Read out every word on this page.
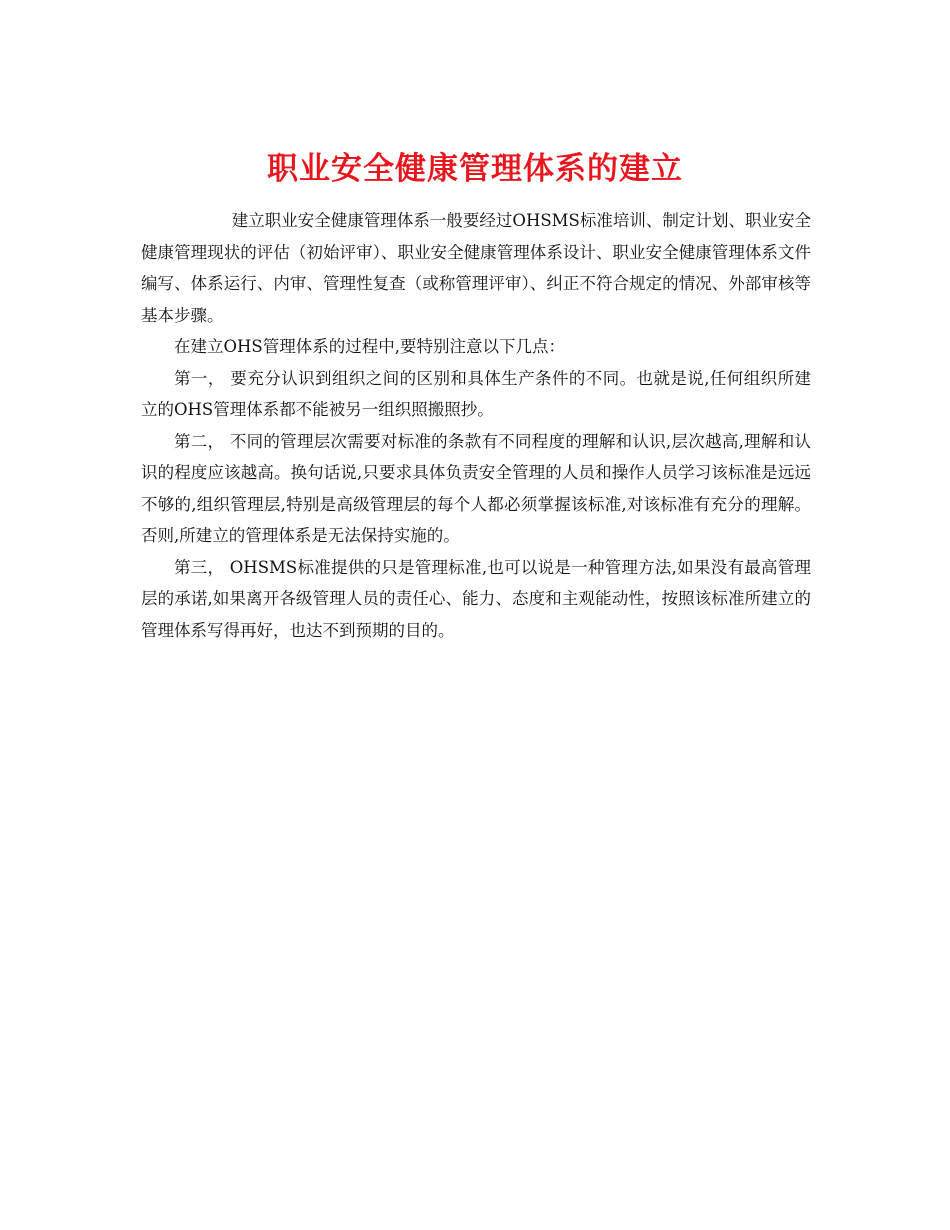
职业安全健康管理体系的建立

建立职业安全健康管理体系一般要经过OHSMS标准培训、制定计划、职业安全健康管理现状的评估（初始评审）、职业安全健康管理体系设计、职业安全健康管理体系文件编写、体系运行、内审、管理性复查（或称管理评审）、纠正不符合规定的情况、外部审核等基本步骤。

在建立OHS管理体系的过程中,要特别注意以下几点：

第一， 要充分认识到组织之间的区别和具体生产条件的不同。也就是说,任何组织所建立的OHS管理体系都不能被另一组织照搬照抄。

第二， 不同的管理层次需要对标准的条款有不同程度的理解和认识,层次越高,理解和认识的程度应该越高。换句话说,只要求具体负责安全管理的人员和操作人员学习该标准是远远不够的,组织管理层,特别是高级管理层的每个人都必须掌握该标准,对该标准有充分的理解。否则,所建立的管理体系是无法保持实施的。

第三， OHSMS标准提供的只是管理标准,也可以说是一种管理方法,如果没有最高管理层的承诺,如果离开各级管理人员的责任心、能力、态度和主观能动性，按照该标准所建立的管理体系写得再好，也达不到预期的目的。
